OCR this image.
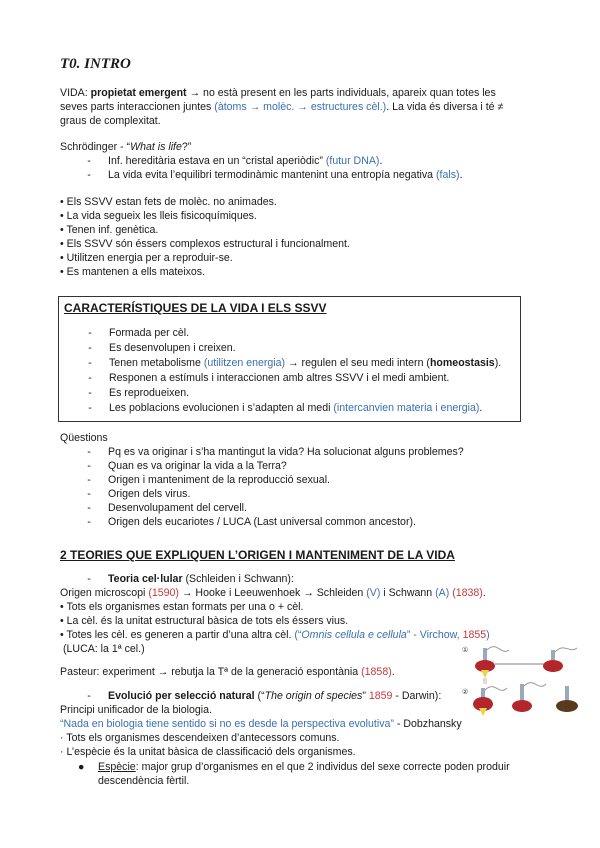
T0. INTRO
VIDA: propietat emergent → no està present en les parts individuals, apareix quan totes les
seves parts interaccionen juntes (àtoms → molèc. → estructures cèl.). La vida és diversa i té ≠
graus de complexitat.
Schrödinger - “What is life?”
- Inf. hereditària estava en un “cristal aperiòdic” (futur DNA).
- La vida evita l’equilibri termodinàmic mantenint una entropía negativa (fals).
• Els SSVV estan fets de molèc. no animades.
• La vida segueix les lleis fisicoquímiques.
• Tenen inf. genètica.
• Els SSVV són éssers complexos estructural i funcionalment.
• Utilitzen energia per a reproduir-se.
• Es mantenen a ells mateixos.
CARACTERÍSTIQUES DE LA VIDA I ELS SSVV
- Formada per cèl.
- Es desenvolupen i creixen.
- Tenen metabolisme (utilitzen energia) → regulen el seu medi intern (homeostasis).
- Responen a estímuls i interaccionen amb altres SSVV i el medi ambient.
- Es reprodueixen.
- Les poblacions evolucionen i s’adapten al medi (intercanvien materia i energia).
Qüestions
- Pq es va originar i s’ha mantingut la vida? Ha solucionat alguns problemes?
- Quan es va originar la vida a la Terra?
- Origen i manteniment de la reproducció sexual.
- Origen dels virus.
- Desenvolupament del cervell.
- Origen dels eucariotes / LUCA (Last universal common ancestor).
2 TEORIES QUE EXPLIQUEN L’ORIGEN I MANTENIMENT DE LA VIDA
- Teoria cel·lular (Schleiden i Schwann):
Origen microscopi (1590) → Hooke i Leeuwenhoek → Schleiden (V) i Schwann (A) (1838).
• Tots els organismes estan formats per una o + cèl.
• La cèl. és la unitat estructural bàsica de tots els éssers vius.
• Totes les cèl. es generen a partir d’una altra cèl. (“Omnis cellula e cellula” - Virchow, 1855)
(LUCA: la 1ª cel.)
Pasteur: experiment → rebutja la Tª de la generació espontània (1858).
- Evolució per selecció natural (“The origin of species” 1859 - Darwin):
Principi unificador de la biologia.
“Nada en biologia tiene sentido si no es desde la perspectiva evolutiva” - Dobzhansky
· Tots els organismes descendeixen d’antecessors comuns.
· L’espècie és la unitat bàsica de classificació dels organismes.
● Espècie: major grup d’organismes en el que 2 individus del sexe correcte poden produir
descendència fèrtil.
①
②
